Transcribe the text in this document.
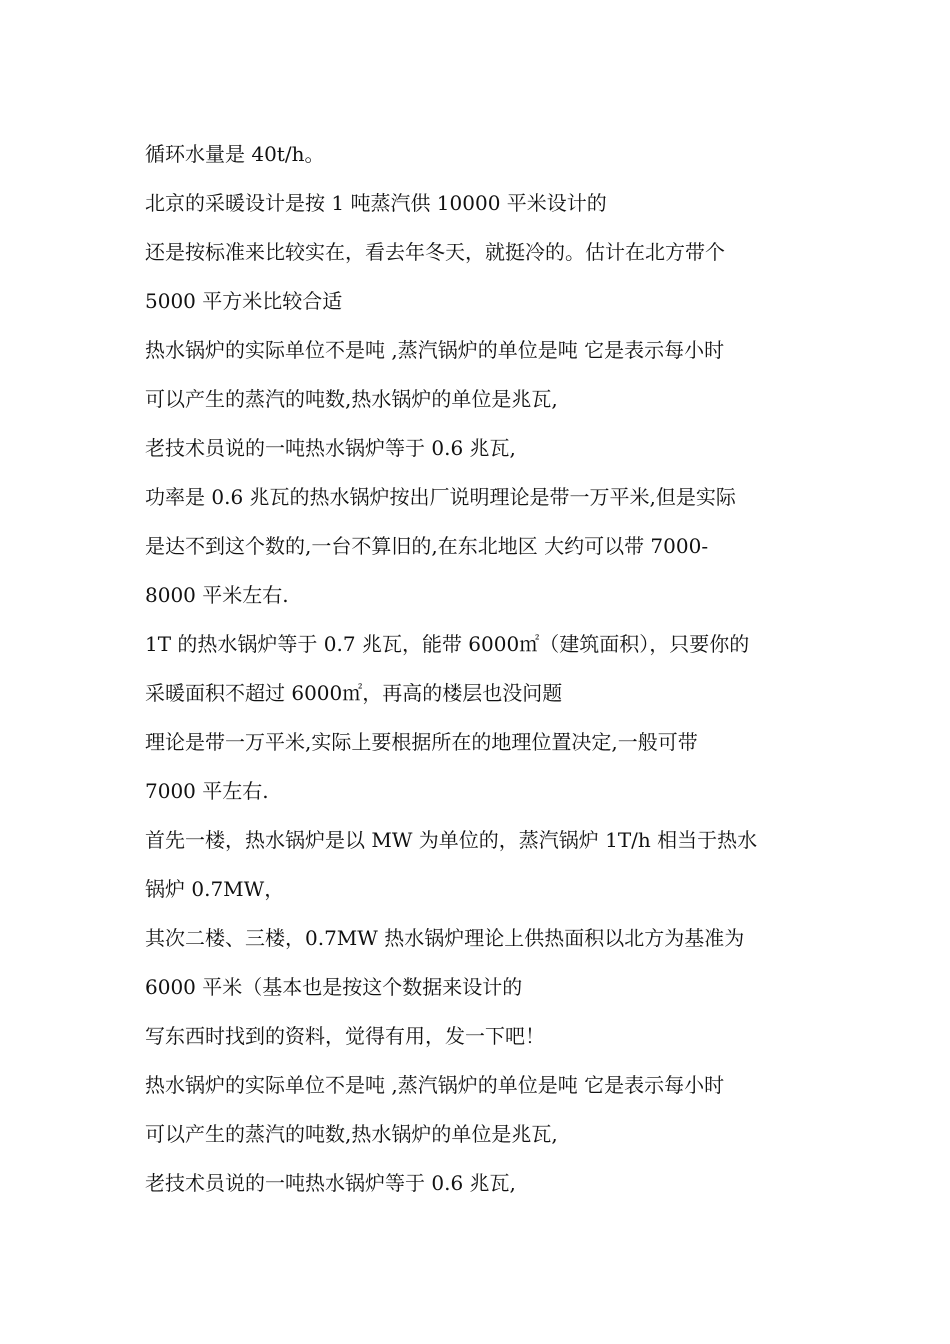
循环水量是 40t/h。
北京的采暖设计是按 1 吨蒸汽供 10000 平米设计的
还是按标准来比较实在，看去年冬天，就挺冷的。估计在北方带个
5000 平方米比较合适
热水锅炉的实际单位不是吨 ,蒸汽锅炉的单位是吨 它是表示每小时
可以产生的蒸汽的吨数,热水锅炉的单位是兆瓦,
老技术员说的一吨热水锅炉等于 0.6 兆瓦,
功率是 0.6 兆瓦的热水锅炉按出厂说明理论是带一万平米,但是实际
是达不到这个数的,一台不算旧的,在东北地区 大约可以带 7000-
8000 平米左右.
1T 的热水锅炉等于 0.7 兆瓦，能带 6000㎡（建筑面积），只要你的
采暖面积不超过 6000㎡，再高的楼层也没问题
理论是带一万平米,实际上要根据所在的地理位置决定,一般可带
7000 平左右.
首先一楼，热水锅炉是以 MW 为单位的，蒸汽锅炉 1T/h 相当于热水
锅炉 0.7MW，
其次二楼、三楼，0.7MW 热水锅炉理论上供热面积以北方为基准为
6000 平米（基本也是按这个数据来设计的
写东西时找到的资料，觉得有用，发一下吧！
热水锅炉的实际单位不是吨 ,蒸汽锅炉的单位是吨 它是表示每小时
可以产生的蒸汽的吨数,热水锅炉的单位是兆瓦,
老技术员说的一吨热水锅炉等于 0.6 兆瓦,
